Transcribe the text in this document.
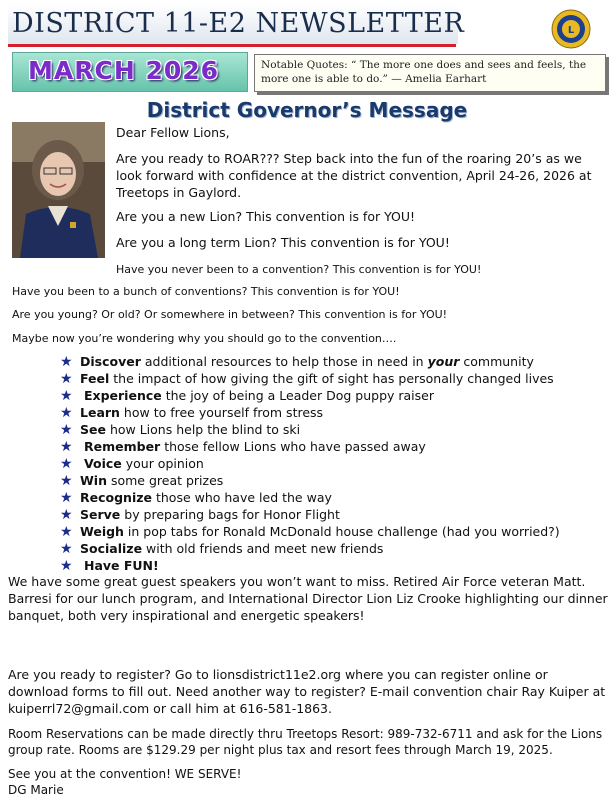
DISTRICT 11-E2 NEWSLETTER	L
MARCH 2026	Notable Quotes: “ The more one does and sees and feels, the more one is able to do.” — Amelia Earhart
District Governor’s Message

Dear Fellow Lions,

Are you ready to ROAR??? Step back into the fun of the roaring 20’s as we look forward with confidence at the district convention, April 24-26, 2026 at Treetops in Gaylord.

Are you a new Lion? This convention is for YOU!

Are you a long term Lion? This convention is for YOU!

Have you never been to a convention? This convention is for YOU!

Have you been to a bunch of conventions? This convention is for YOU!

Are you young? Or old? Or somewhere in between? This convention is for YOU!

Maybe now you’re wondering why you should go to the convention….

★ Discover additional resources to help those in need in your community
★ Feel the impact of how giving the gift of sight has personally changed lives
★ Experience the joy of being a Leader Dog puppy raiser
★ Learn how to free yourself from stress
★ See how Lions help the blind to ski
★ Remember those fellow Lions who have passed away
★ Voice your opinion
★ Win some great prizes
★ Recognize those who have led the way
★ Serve by preparing bags for Honor Flight
★ Weigh in pop tabs for Ronald McDonald house challenge (had you worried?)
★ Socialize with old friends and meet new friends
★ Have FUN!

We have some great guest speakers you won’t want to miss. Retired Air Force veteran Matt. Barresi for our lunch program, and International Director Lion Liz Crooke highlighting our dinner banquet, both very inspirational and energetic speakers!

Are you ready to register? Go to lionsdistrict11e2.org where you can register online or download forms to fill out. Need another way to register? E-mail convention chair Ray Kuiper at kuiperrl72@gmail.com or call him at 616-581-1863.

Room Reservations can be made directly thru Treetops Resort: 989-732-6711 and ask for the Lions group rate. Rooms are $129.29 per night plus tax and resort fees through March 19, 2025.

See you at the convention! WE SERVE!

DG Marie
